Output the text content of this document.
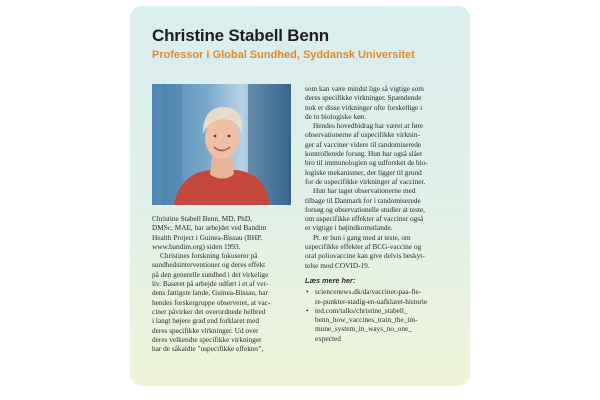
Christine Stabell Benn
Professor i Global Sundhed, Syddansk Universitet

Christine Stabell Benn, MD, PhD,
DMSc, MAE, har arbejdet ved Bandim
Health Project i Guinea-Bissau (BHP,
www.bandim.org) siden 1993.

Christines forskning fokuserer på
sundhedsinterventioner og deres effekt
på den generelle sundhed i det virkelige
liv. Baseret på arbejde udført i et af ver-
dens fattigste lande, Guinea-Bissau, har
hendes forskergruppe observeret, at vac-
ciner påvirker det overordnede helbred
i langt højere grad end forklaret med
deres specifikke virkninger. Ud over
deres velkendte specifikke virkninger
har de såkaldte "uspecifikke effekter",

som kan være mindst lige så vigtige som
deres specifikke virkninger. Spændende
nok er disse virkninger ofte forskellige i
de to biologiske køn.

Hendes hovedbidrag har været at føre
observationerne af uspecifikke virknin-
ger af vacciner videre til randomiserede
kontrollerede forsøg. Hun har også slået
bro til immunologien og udforsket de bio-
logiske mekanismer, der ligger til grund
for de uspecifikke virkninger af vacciner.

Hun har taget observationerne med
tilbage til Danmark for i randomiserede
forsøg og observationelle studier at teste,
om uspecifikke effekter af vacciner også
er vigtige i højindkomstlande.

Pt. er hun i gang med at teste, om
uspecifikke effekter af BCG-vaccine og
oral poliovaccine kan give delvis beskyt-
telse mod COVID-19.

Læs mere her:

• sciencenews.dk/da/vacciner-paa-fle-
re-punkter-stadig-en-uafklaret-historie
• ted.com/talks/christine_stabell_
benn_how_vaccines_train_the_im-
mune_system_in_ways_no_one_
expected
